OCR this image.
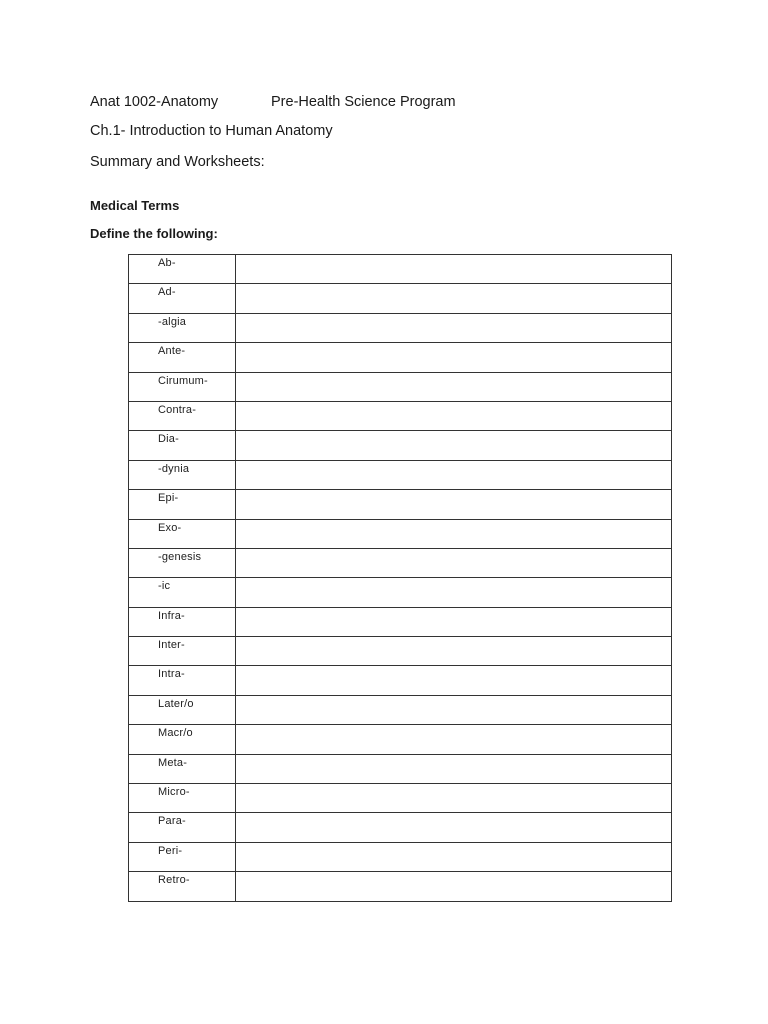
Anat 1002-Anatomy	Pre-Health Science Program
Ch.1- Introduction to Human Anatomy
Summary and Worksheets:
Medical Terms
Define the following:
Ab-	
Ad-	
-algia	
Ante-	
Cirumum-	
Contra-	
Dia-	
-dynia	
Epi-	
Exo-	
-genesis	
-ic	
Infra-	
Inter-	
Intra-	
Later/o	
Macr/o	
Meta-	
Micro-	
Para-	
Peri-	
Retro-	
